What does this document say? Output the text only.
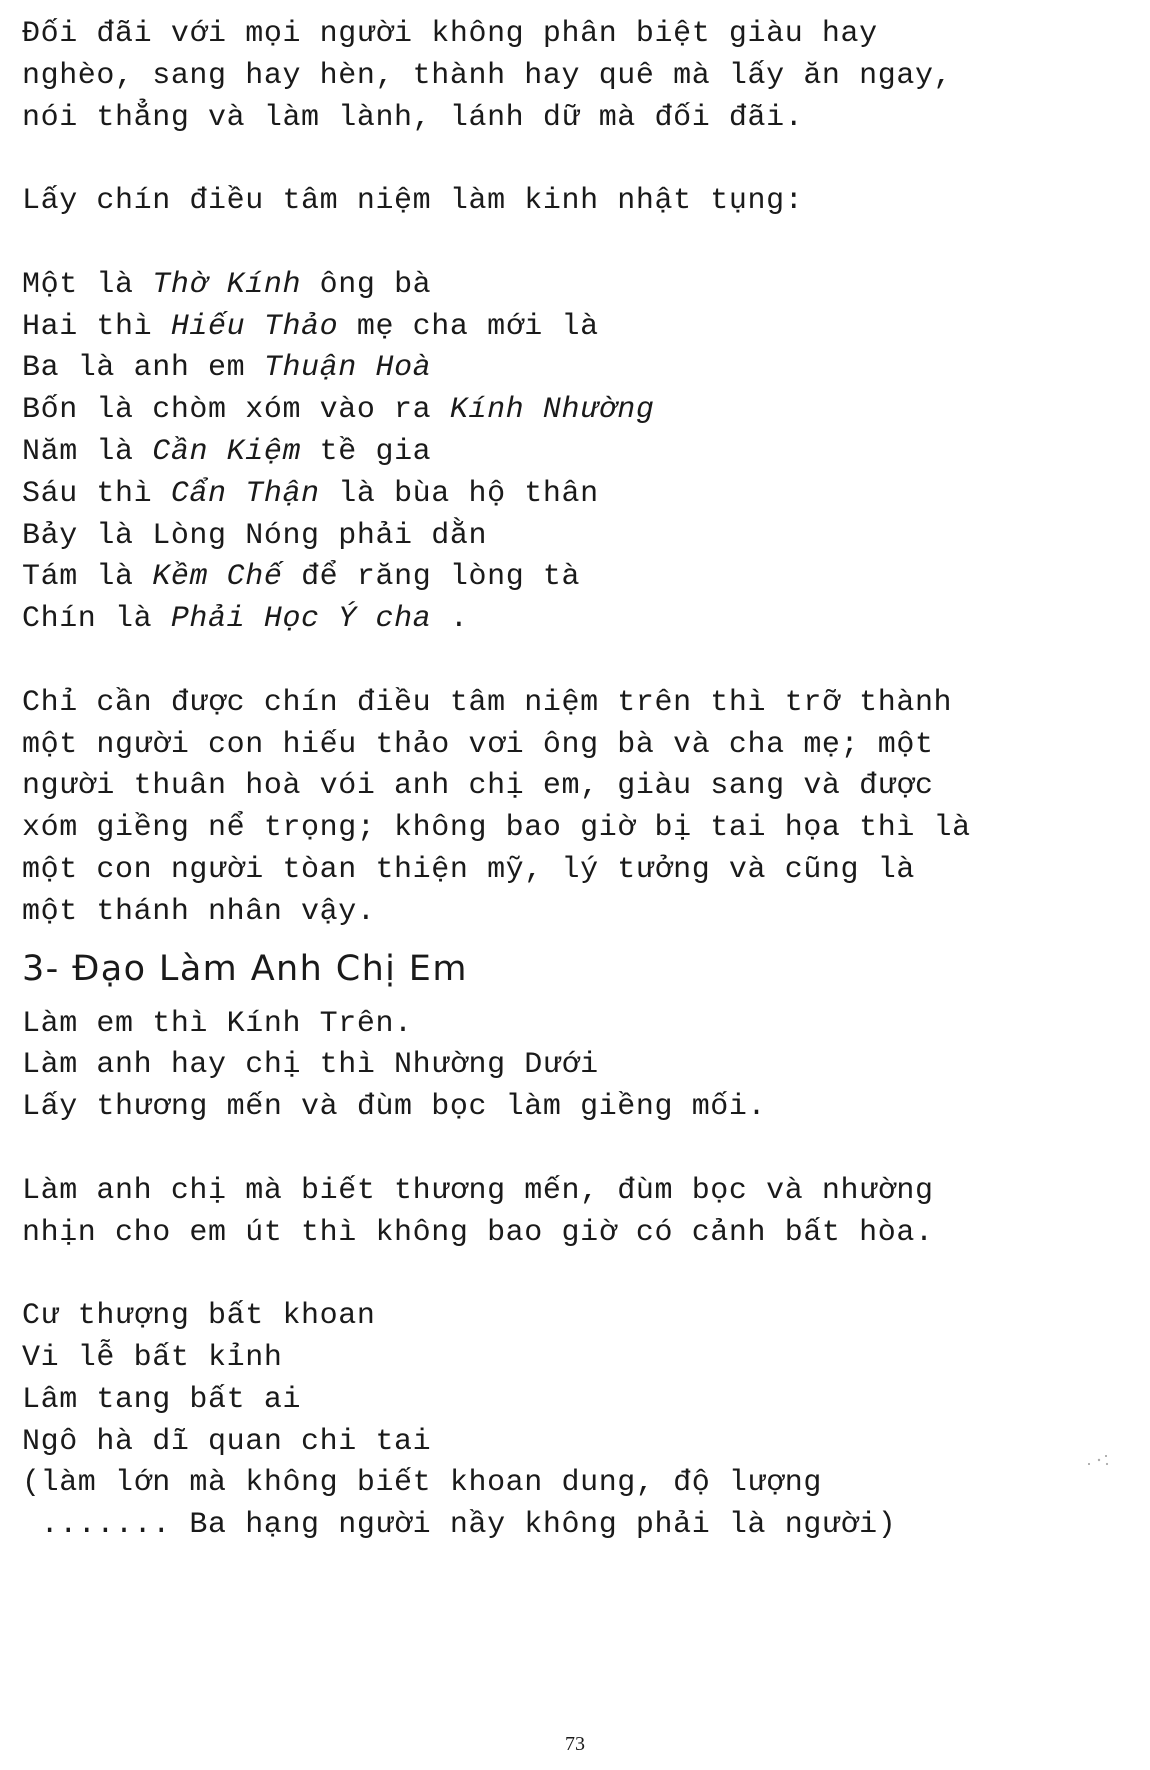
Đối đãi với mọi người không phân biệt giàu hay
nghèo, sang hay hèn, thành hay quê mà lấy ăn ngay,
nói thẳng và làm lành, lánh dữ mà đối đãi.
Lấy chín điều tâm niệm làm kinh nhật tụng:
Một là Thờ Kính ông bà
Hai thì Hiếu Thảo mẹ cha mới là
Ba là anh em Thuận Hoà
Bốn là chòm xóm vào ra Kính Nhường
Năm là Cần Kiệm tề gia
Sáu thì Cẩn Thận là bùa hộ thân
Bảy là Lòng Nóng phải dằn
Tám là Kềm Chế để răng lòng tà
Chín là Phải Học Ý cha .
Chỉ cần được chín điều tâm niệm trên thì trỡ thành
một người con hiếu thảo vơi ông bà và cha mẹ; một
người thuân hoà vói anh chị em, giàu sang và được
xóm giềng nể trọng; không bao giờ bị tai họa thì là
một con người tòan thiện mỹ, lý tưởng và cũng là
một thánh nhân vậy.
3- Đạo Làm Anh Chị Em
Làm em thì Kính Trên.
Làm anh hay chị thì Nhường Dưới
Lấy thương mến và đùm bọc làm giềng mối.
Làm anh chị mà biết thương mến, đùm bọc và nhường
nhịn cho em út thì không bao giờ có cảnh bất hòa.
Cư thượng bất khoan
Vi lễ bất kỉnh
Lâm tang bất ai
Ngô hà dĩ quan chi tai
(làm lớn mà không biết khoan dung, độ lượng
....... Ba hạng người nầy không phải là người)
73
